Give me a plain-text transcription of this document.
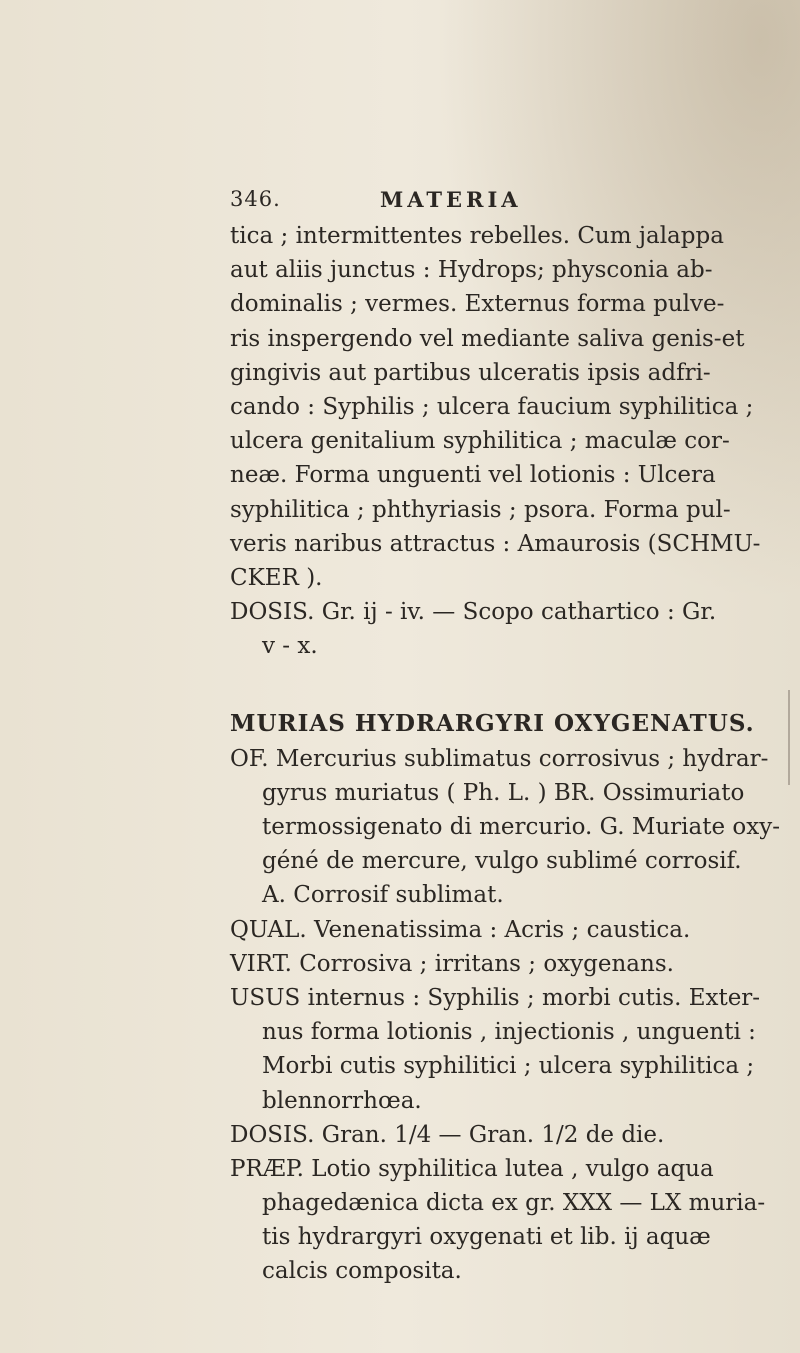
346.	MATERIA
tica ; intermittentes rebelles. Cum jalappa
aut aliis junctus : Hydrops; physconia ab-
dominalis ; vermes. Externus forma pulve-
ris inspergendo vel mediante saliva genis-et
gingivis aut partibus ulceratis ipsis adfri-
cando : Syphilis ; ulcera faucium syphilitica ;
ulcera genitalium syphilitica ; maculæ cor-
neæ. Forma unguenti vel lotionis : Ulcera
syphilitica ; phthyriasis ; psora. Forma pul-
veris naribus attractus : Amaurosis (SCHMU-
CKER ).
DOSIS. Gr. ij - iv. — Scopo cathartico : Gr.
v - x.
MURIAS HYDRARGYRI OXYGENATUS.
OF. Mercurius sublimatus corrosivus ; hydrar-
gyrus muriatus ( Ph. L. ) BR. Ossimuriato
termossigenato di mercurio. G. Muriate oxy-
géné de mercure, vulgo sublimé corrosif.
A. Corrosif sublimat.
QUAL. Venenatissima : Acris ; caustica.
VIRT. Corrosiva ; irritans ; oxygenans.
USUS internus : Syphilis ; morbi cutis. Exter-
nus forma lotionis , injectionis , unguenti :
Morbi cutis syphilitici ; ulcera syphilitica ;
blennorrhœa.
DOSIS. Gran. 1/4 — Gran. 1/2 de die.
PRÆP. Lotio syphilitica lutea , vulgo aqua
phagedænica dicta ex gr. XXX — LX muria-
tis hydrargyri oxygenati et lib. ij aquæ
calcis composita.
